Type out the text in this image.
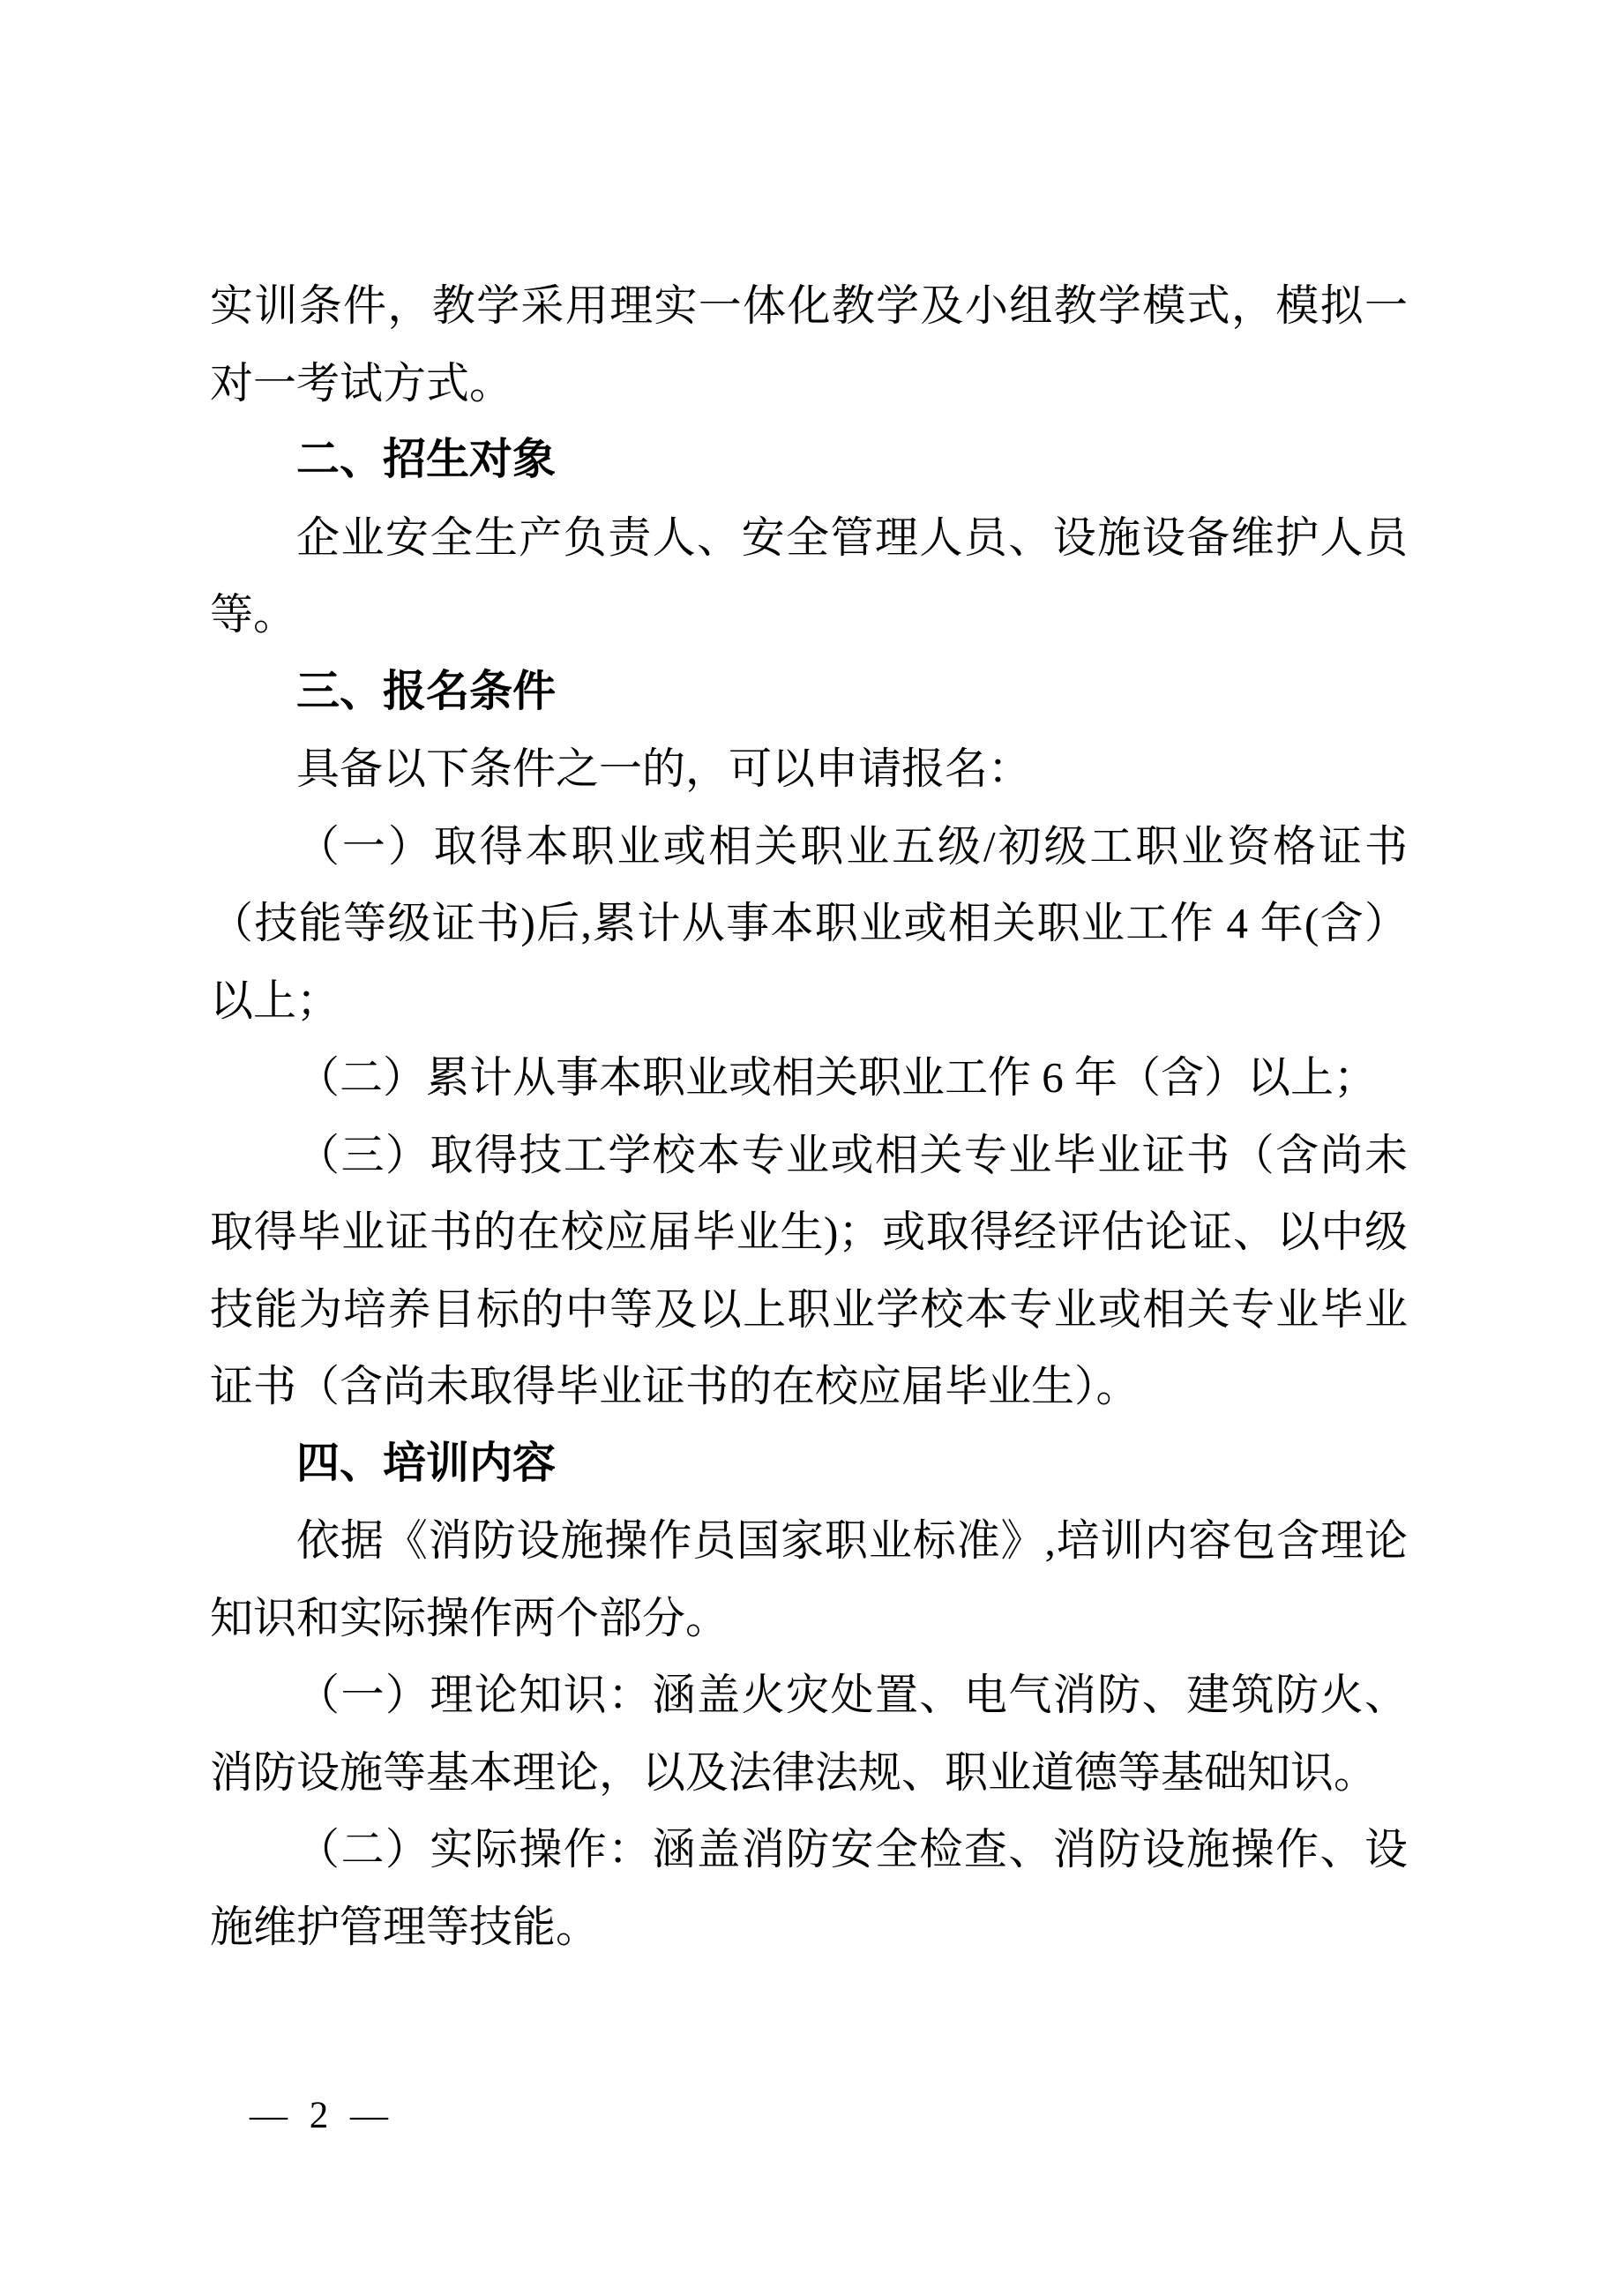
实训条件，教学采用理实一体化教学及小组教学模式，模拟一
对一考试方式。
二、招生对象
企业安全生产负责人、安全管理人员、设施设备维护人员
等。
三、报名条件
具备以下条件之一的，可以申请报名：
（一）取得本职业或相关职业五级/初级工职业资格证书
（技能等级证书)后,累计从事本职业或相关职业工作 4 年(含）
以上；
（二）累计从事本职业或相关职业工作 6 年（含）以上；
（三）取得技工学校本专业或相关专业毕业证书（含尚未
取得毕业证书的在校应届毕业生)；或取得经评估论证、以中级
技能为培养目标的中等及以上职业学校本专业或相关专业毕业
证书（含尚未取得毕业证书的在校应届毕业生）。
四、培训内容
依据《消防设施操作员国家职业标准》,培训内容包含理论
知识和实际操作两个部分。
（一）理论知识：涵盖火灾处置、电气消防、建筑防火、
消防设施等基本理论，以及法律法规、职业道德等基础知识。
（二）实际操作：涵盖消防安全检查、消防设施操作、设
施维护管理等技能。
— 2 —
